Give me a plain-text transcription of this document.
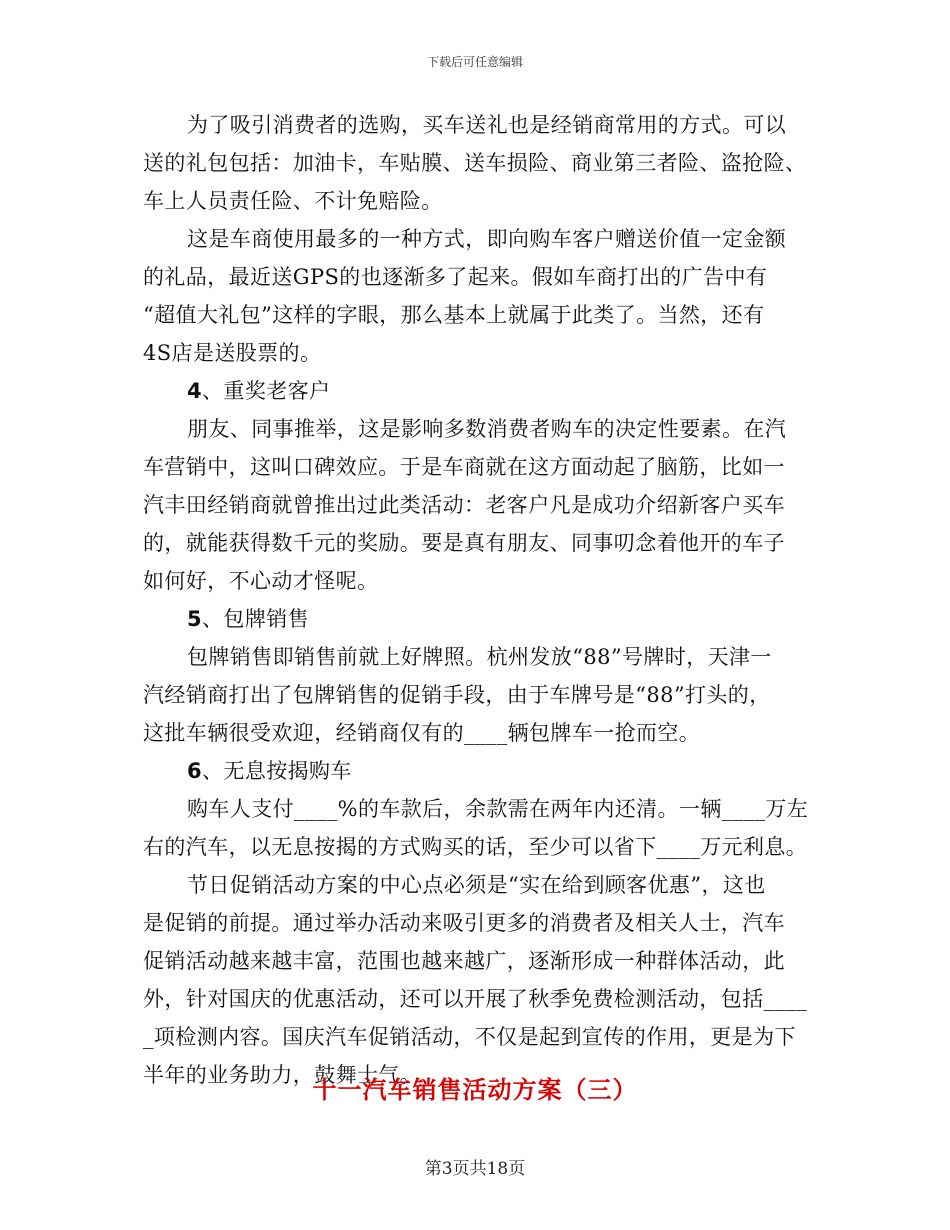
下载后可任意编辑
为了吸引消费者的选购，买车送礼也是经销商常用的方式。可以
送的礼包包括：加油卡，车贴膜、送车损险、商业第三者险、盗抢险、
车上人员责任险、不计免赔险。
这是车商使用最多的一种方式，即向购车客户赠送价值一定金额
的礼品，最近送GPS的也逐渐多了起来。假如车商打出的广告中有
“超值大礼包”这样的字眼，那么基本上就属于此类了。当然，还有
4S店是送股票的。
4、重奖老客户
朋友、同事推举，这是影响多数消费者购车的决定性要素。在汽
车营销中，这叫口碑效应。于是车商就在这方面动起了脑筋，比如一
汽丰田经销商就曾推出过此类活动：老客户凡是成功介绍新客户买车
的，就能获得数千元的奖励。要是真有朋友、同事叨念着他开的车子
如何好，不心动才怪呢。
5、包牌销售
包牌销售即销售前就上好牌照。杭州发放“88”号牌时，天津一
汽经销商打出了包牌销售的促销手段，由于车牌号是“88”打头的，
这批车辆很受欢迎，经销商仅有的____辆包牌车一抢而空。
6、无息按揭购车
购车人支付____%的车款后，余款需在两年内还清。一辆____万左
右的汽车，以无息按揭的方式购买的话，至少可以省下____万元利息。
节日促销活动方案的中心点必须是“实在给到顾客优惠”，这也
是促销的前提。通过举办活动来吸引更多的消费者及相关人士，汽车
促销活动越来越丰富，范围也越来越广，逐渐形成一种群体活动，此
外，针对国庆的优惠活动，还可以开展了秋季免费检测活动，包括____
_项检测内容。国庆汽车促销活动，不仅是起到宣传的作用，更是为下
半年的业务助力，鼓舞士气。
十一汽车销售活动方案（三）
第3页共18页
